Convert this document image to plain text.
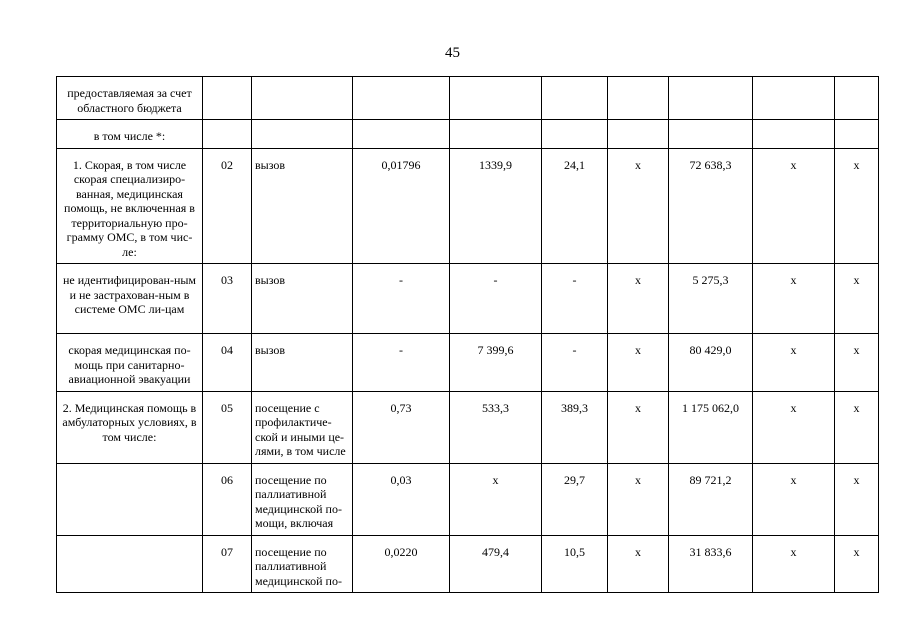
45
предоставляемая за счет областного бюджета									
в том числе *:									
1. Скорая, в том числе скорая специализиро-ванная, медицинская помощь, не включенная в территориальную про-грамму ОМС, в том чис-ле:	02	вызов	0,01796	1339,9	24,1	х	72 638,3	х	х
не идентифицирован-ным и не застрахован-ным в системе ОМС ли-цам	03	вызов	-	-	-	х	5 275,3	х	х
скорая медицинская по-мощь при санитарно-авиационной эвакуации	04	вызов	-	7 399,6	-	х	80 429,0	х	х
2. Медицинская помощь в амбулаторных условиях, в том числе:	05	посещение с профилактиче-ской и иными це-лями, в том числе	0,73	533,3	389,3	х	1 175 062,0	х	х
	06	посещение по паллиативной медицинской по-мощи, включая	0,03	х	29,7	х	89 721,2	х	х
	07	посещение по паллиативной медицинской по-	0,0220	479,4	10,5	х	31 833,6	х	х
